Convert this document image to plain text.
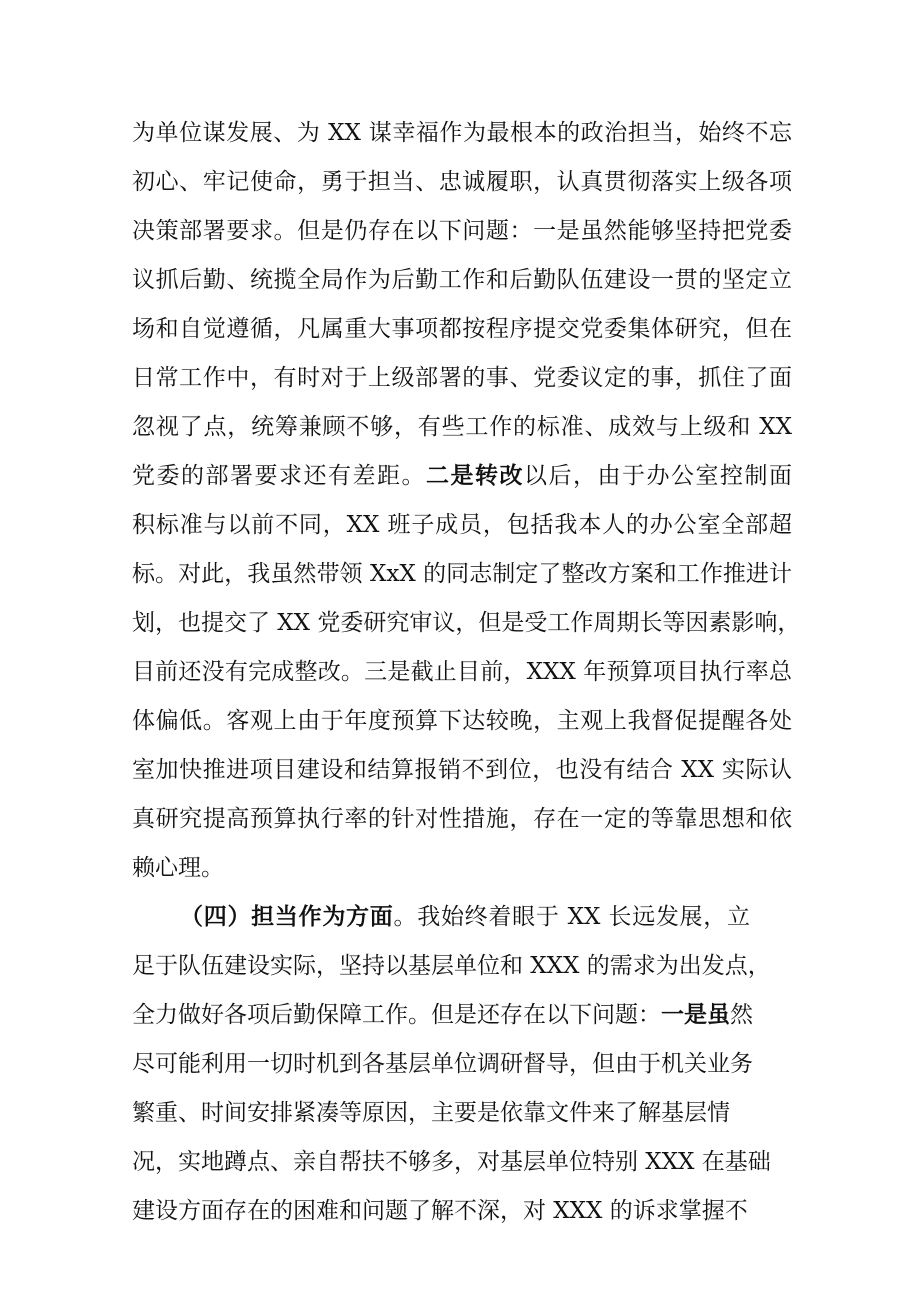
为单位谋发展、为 XX 谋幸福作为最根本的政治担当，始终不忘

初心、牢记使命，勇于担当、忠诚履职，认真贯彻落实上级各项

决策部署要求。但是仍存在以下问题：一是虽然能够坚持把党委

议抓后勤、统揽全局作为后勤工作和后勤队伍建设一贯的坚定立

场和自觉遵循，凡属重大事项都按程序提交党委集体研究，但在

日常工作中，有时对于上级部署的事、党委议定的事，抓住了面

忽视了点，统筹兼顾不够，有些工作的标准、成效与上级和 XX

党委的部署要求还有差距。二是转改以后，由于办公室控制面

积标准与以前不同，XX 班子成员，包括我本人的办公室全部超

标。对此，我虽然带领 XxX 的同志制定了整改方案和工作推进计

划，也提交了 XX 党委研究审议，但是受工作周期长等因素影响，

目前还没有完成整改。三是截止目前，XXX 年预算项目执行率总

体偏低。客观上由于年度预算下达较晚，主观上我督促提醒各处

室加快推进项目建设和结算报销不到位，也没有结合 XX 实际认

真研究提高预算执行率的针对性措施，存在一定的等靠思想和依

赖心理。

（四）担当作为方面。我始终着眼于 XX 长远发展，立

足于队伍建设实际，坚持以基层单位和 XXX 的需求为出发点，

全力做好各项后勤保障工作。但是还存在以下问题：一是虽然

尽可能利用一切时机到各基层单位调研督导，但由于机关业务

繁重、时间安排紧凑等原因，主要是依靠文件来了解基层情

况，实地蹲点、亲自帮扶不够多，对基层单位特别 XXX 在基础

建设方面存在的困难和问题了解不深，对 XXX 的诉求掌握不
